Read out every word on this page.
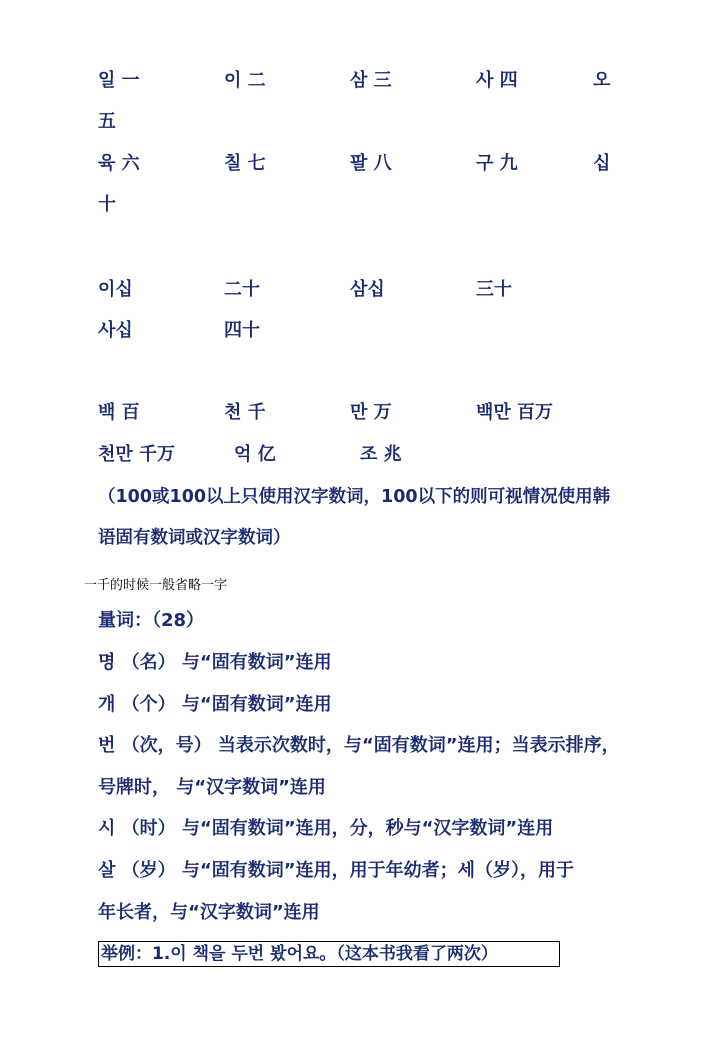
일 一	이 二	삼 三	사 四	오
五
육 六	칠 七	팔 八	구 九	십
十
이십	二十	삼십	三十
사십	四十
백 百	천 千	만 万	백만 百万
천만 千万	억 亿	조 兆
（100或100以上只使用汉字数词，100以下的则可视情况使用韩
语固有数词或汉字数词）
一千的时候一般省略一字
量词：（28）
명 （名） 与“固有数词”连用
개 （个） 与“固有数词”连用
번 （次，号） 当表示次数时，与“固有数词”连用；当表示排序，
号牌时， 与“汉字数词”连用
시 （时） 与“固有数词”连用，分，秒与“汉字数词”连用
살 （岁） 与“固有数词”连用，用于年幼者；세（岁），用于
年长者，与“汉字数词”连用
举例：1.이 책을 두번 봤어요。（这本书我看了两次）
